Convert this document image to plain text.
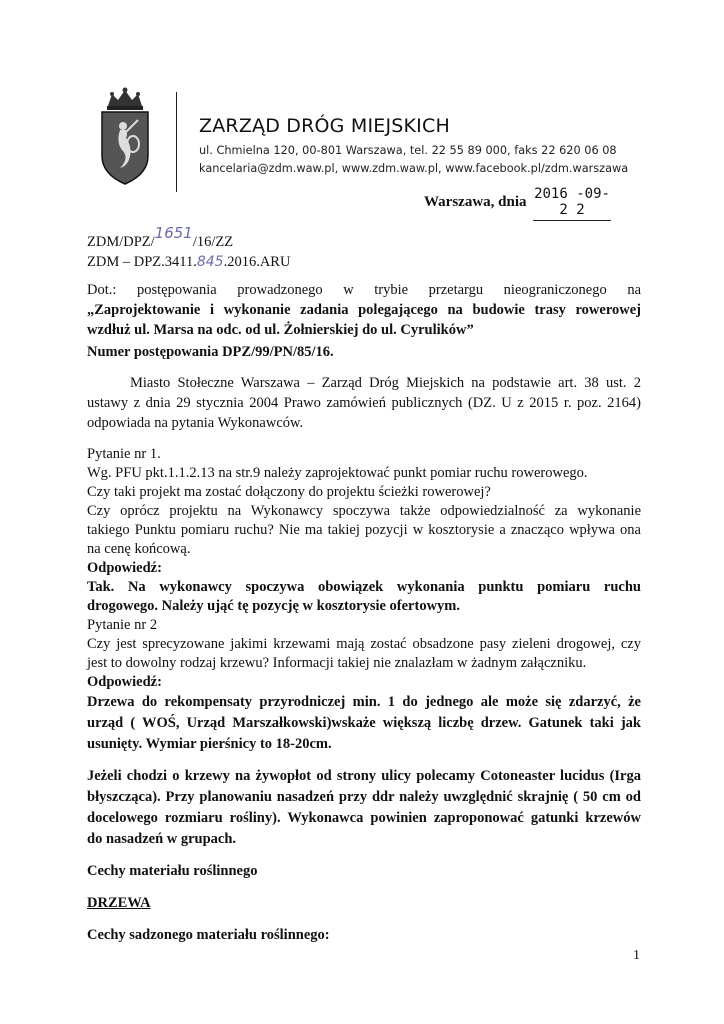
ZARZĄD DRÓG MIEJSKICH
ul. Chmielna 120, 00-801 Warszawa, tel. 22 55 89 000, faks 22 620 06 08
kancelaria@zdm.waw.pl, www.zdm.waw.pl, www.facebook.pl/zdm.warszawa
Warszawa, dnia 2016 -09- 2 2
ZDM/DPZ/1651/16/ZZ
ZDM – DPZ.3411.845.2016.ARU
Dot.: postępowania prowadzonego w trybie przetargu nieograniczonego na
„Zaprojektowanie i wykonanie zadania polegającego na budowie trasy rowerowej
wzdłuż ul. Marsa na odc. od ul. Żołnierskiej do ul. Cyrulików”
Numer postępowania DPZ/99/PN/85/16.
Miasto Stołeczne Warszawa – Zarząd Dróg Miejskich na podstawie art. 38 ust. 2
ustawy z dnia 29 stycznia 2004 Prawo zamówień publicznych (DZ. U z 2015 r. poz. 2164)
odpowiada na pytania Wykonawców.
Pytanie nr 1.
Wg. PFU pkt.1.1.2.13 na str.9 należy zaprojektować punkt pomiar ruchu rowerowego.
Czy taki projekt ma zostać dołączony do projektu ścieżki rowerowej?
Czy oprócz projektu na Wykonawcy spoczywa także odpowiedzialność za wykonanie
takiego Punktu pomiaru ruchu? Nie ma takiej pozycji w kosztorysie a znacząco wpływa ona
na cenę końcową.
Odpowiedź:
Tak. Na wykonawcy spoczywa obowiązek wykonania punktu pomiaru ruchu
drogowego. Należy ująć tę pozycję w kosztorysie ofertowym.
Pytanie nr 2
Czy jest sprecyzowane jakimi krzewami mają zostać obsadzone pasy zieleni drogowej, czy
jest to dowolny rodzaj krzewu? Informacji takiej nie znalazłam w żadnym załączniku.
Odpowiedź:
Drzewa do rekompensaty przyrodniczej min. 1 do jednego ale może się zdarzyć, że
urząd ( WOŚ, Urząd Marszałkowski)wskaże większą liczbę drzew. Gatunek taki jak
usunięty. Wymiar pierśnicy to 18-20cm.
Jeżeli chodzi o krzewy na żywopłot od strony ulicy polecamy Cotoneaster lucidus (Irga
błyszcząca). Przy planowaniu nasadzeń przy ddr należy uwzględnić skrajnię ( 50 cm od
docelowego rozmiaru rośliny). Wykonawca powinien zaproponować gatunki krzewów
do nasadzeń w grupach.
Cechy materiału roślinnego
DRZEWA
Cechy sadzonego materiału roślinnego:
1
